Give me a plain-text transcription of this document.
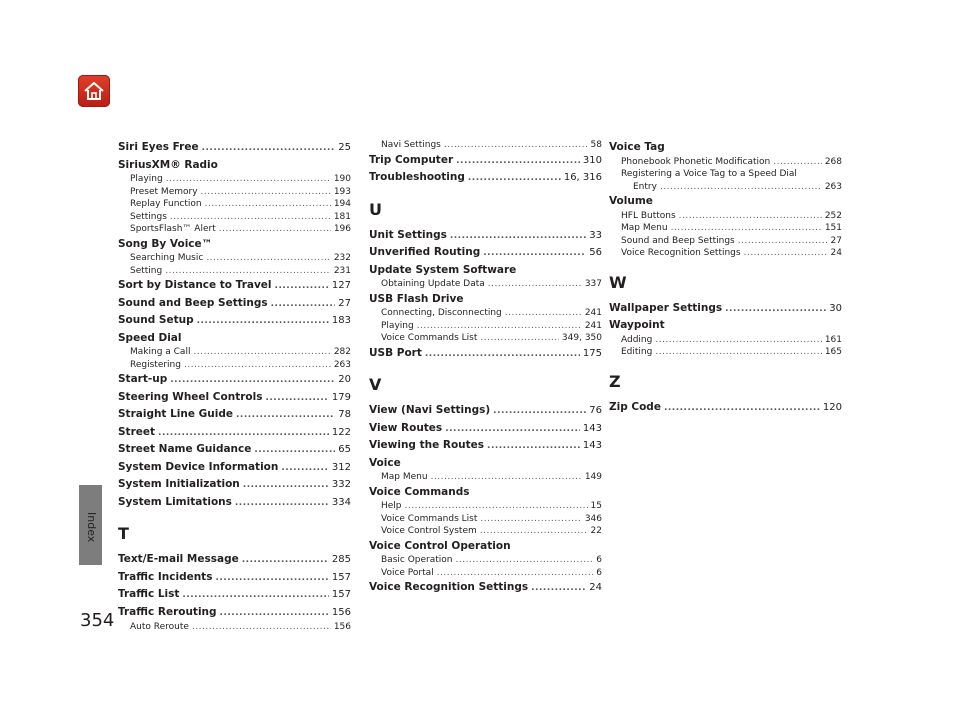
Index
Siri Eyes Free .....	25
SiriusXM® Radio
Playing .....	190
Preset Memory .....	193
Replay Function .....	194
Settings .....	181
SportsFlash™ Alert .....	196
Song By Voice™
Searching Music .....	232
Setting .....	231
Sort by Distance to Travel .....	127
Sound and Beep Settings .....	27
Sound Setup .....	183
Speed Dial
Making a Call .....	282
Registering .....	263
Start-up .....	20
Steering Wheel Controls .....	179
Straight Line Guide .....	78
Street .....	122
Street Name Guidance .....	65
System Device Information .....	312
System Initialization .....	332
System Limitations .....	334
T
Text/E-mail Message .....	285
Traffic Incidents .....	157
Traffic List .....	157
Traffic Rerouting .....	156
Auto Reroute .....	156
Navi Settings .....	58
Trip Computer .....	310
Troubleshooting .....	16, 316
U
Unit Settings .....	33
Unverified Routing .....	56
Update System Software
Obtaining Update Data .....	337
USB Flash Drive
Connecting, Disconnecting .....	241
Playing .....	241
Voice Commands List .....	349, 350
USB Port .....	175
V
View (Navi Settings) .....	76
View Routes .....	143
Viewing the Routes .....	143
Voice
Map Menu .....	149
Voice Commands
Help .....	15
Voice Commands List .....	346
Voice Control System .....	22
Voice Control Operation
Basic Operation .....	6
Voice Portal .....	6
Voice Recognition Settings .....	24
Voice Tag
Phonebook Phonetic Modification .....	268
Registering a Voice Tag to a Speed Dial
Entry .....	263
Volume
HFL Buttons .....	252
Map Menu .....	151
Sound and Beep Settings .....	27
Voice Recognition Settings .....	24
W
Wallpaper Settings .....	30
Waypoint
Adding .....	161
Editing .....	165
Z
Zip Code .....	120
354
